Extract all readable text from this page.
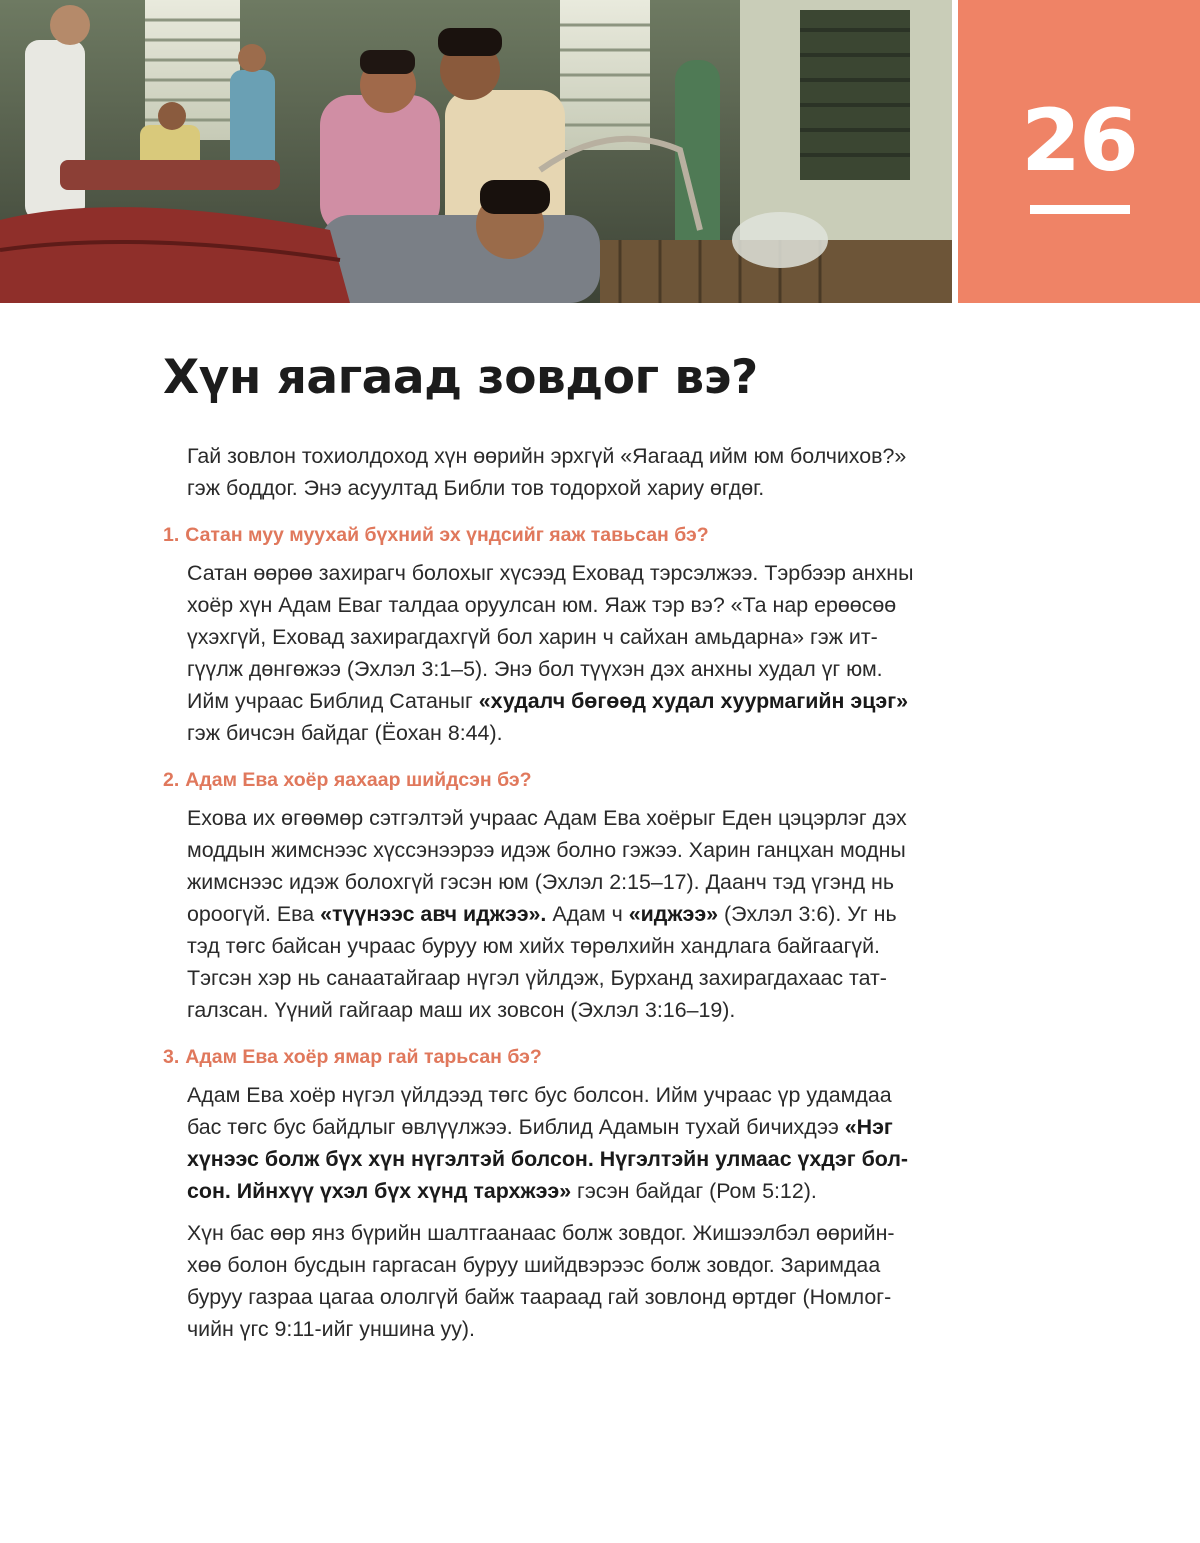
26
Хүн яагаад зовдог вэ?

Гай зовлон тохиолдоход хүн өөрийн эрхгүй «Яагаад ийм юм болчихов?»
гэж боддог. Энэ асуултад Библи тов тодорхой хариу өгдөг.

1. Сатан муу муухай бүхний эх үндсийг яаж тавьсан бэ?

Сатан өөрөө захирагч болохыг хүсээд Еховад тэрсэлжээ. Тэрбээр анхны
хоёр хүн Адам Еваг талдаа оруулсан юм. Яаж тэр вэ? «Та нар ерөөсөө
үхэхгүй, Еховад захирагдахгүй бол харин ч сайхан амьдарна» гэж ит-
гүүлж дөнгөжээ (Эхлэл 3:1–5). Энэ бол түүхэн дэх анхны худал үг юм.
Ийм учраас Библид Сатаныг «худалч бөгөөд худал хуурмагийн эцэг»
гэж бичсэн байдаг (Ёохан 8:44).

2. Адам Ева хоёр яахаар шийдсэн бэ?

Ехова их өгөөмөр сэтгэлтэй учраас Адам Ева хоёрыг Еден цэцэрлэг дэх
моддын жимснээс хүссэнээрээ идэж болно гэжээ. Харин ганцхан модны
жимснээс идэж болохгүй гэсэн юм (Эхлэл 2:15–17). Даанч тэд үгэнд нь
ороогүй. Ева «түүнээс авч иджээ». Адам ч «иджээ» (Эхлэл 3:6). Уг нь
тэд төгс байсан учраас буруу юм хийх төрөлхийн хандлага байгаагүй.
Тэгсэн хэр нь санаатайгаар нүгэл үйлдэж, Бурханд захирагдахаас тат-
галзсан. Үүний гайгаар маш их зовсон (Эхлэл 3:16–19).

3. Адам Ева хоёр ямар гай тарьсан бэ?

Адам Ева хоёр нүгэл үйлдээд төгс бус болсон. Ийм учраас үр удамдаа
бас төгс бус байдлыг өвлүүлжээ. Библид Адамын тухай бичихдээ «Нэг
хүнээс болж бүх хүн нүгэлтэй болсон. Нүгэлтэйн улмаас үхдэг бол-
сон. Ийнхүү үхэл бүх хүнд тархжээ» гэсэн байдаг (Ром 5:12).

Хүн бас өөр янз бүрийн шалтгаанаас болж зовдог. Жишээлбэл өөрийн-
хөө болон бусдын гаргасан буруу шийдвэрээс болж зовдог. Заримдаа
буруу газраа цагаа ололгүй байж таараад гай зовлонд өртдөг (Номлог-
чийн үгс 9:11-ийг уншина уу).
